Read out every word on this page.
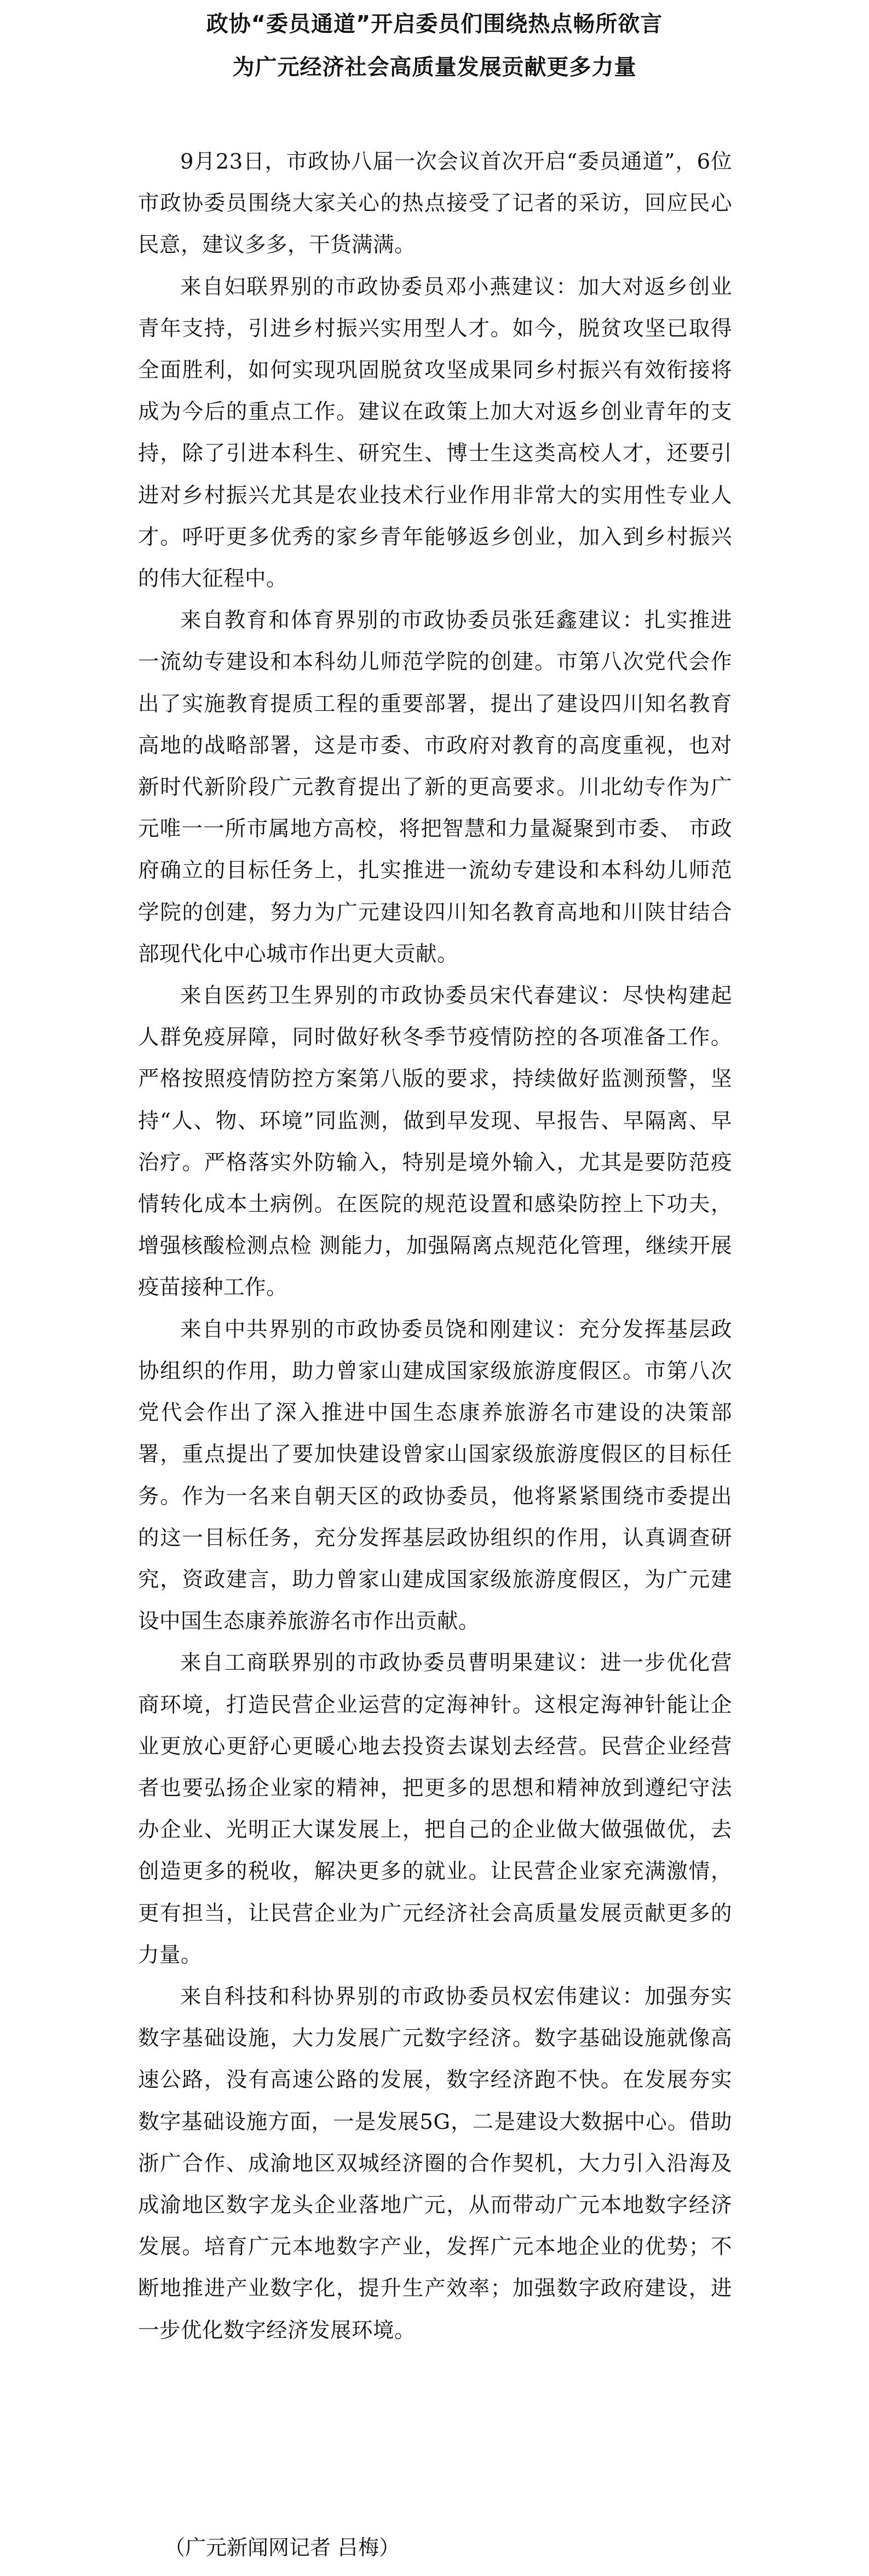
政协“委员通道”开启委员们围绕热点畅所欲言
为广元经济社会高质量发展贡献更多力量

9月23日，市政协八届一次会议首次开启“委员通道”，6位市政协委员围绕大家关心的热点接受了记者的采访，回应民心民意，建议多多，干货满满。

来自妇联界别的市政协委员邓小燕建议：加大对返乡创业青年支持，引进乡村振兴实用型人才。如今，脱贫攻坚已取得全面胜利，如何实现巩固脱贫攻坚成果同乡村振兴有效衔接将成为今后的重点工作。建议在政策上加大对返乡创业青年的支持，除了引进本科生、研究生、博士生这类高校人才，还要引进对乡村振兴尤其是农业技术行业作用非常大的实用性专业人才。呼吁更多优秀的家乡青年能够返乡创业，加入到乡村振兴的伟大征程中。

来自教育和体育界别的市政协委员张廷鑫建议：扎实推进一流幼专建设和本科幼儿师范学院的创建。市第八次党代会作出了实施教育提质工程的重要部署，提出了建设四川知名教育高地的战略部署，这是市委、市政府对教育的高度重视，也对新时代新阶段广元教育提出了新的更高要求。川北幼专作为广元唯一一所市属地方高校，将把智慧和力量凝聚到市委、 市政府确立的目标任务上，扎实推进一流幼专建设和本科幼儿师范学院的创建，努力为广元建设四川知名教育高地和川陕甘结合部现代化中心城市作出更大贡献。

来自医药卫生界别的市政协委员宋代春建议：尽快构建起人群免疫屏障，同时做好秋冬季节疫情防控的各项准备工作。严格按照疫情防控方案第八版的要求，持续做好监测预警，坚持“人、物、环境”同监测，做到早发现、早报告、早隔离、早治疗。严格落实外防输入，特别是境外输入，尤其是要防范疫情转化成本土病例。在医院的规范设置和感染防控上下功夫，增强核酸检测点检 测能力，加强隔离点规范化管理，继续开展疫苗接种工作。

来自中共界别的市政协委员饶和刚建议：充分发挥基层政协组织的作用，助力曾家山建成国家级旅游度假区。市第八次党代会作出了深入推进中国生态康养旅游名市建设的决策部署，重点提出了要加快建设曾家山国家级旅游度假区的目标任务。作为一名来自朝天区的政协委员，他将紧紧围绕市委提出的这一目标任务，充分发挥基层政协组织的作用，认真调查研究，资政建言，助力曾家山建成国家级旅游度假区，为广元建设中国生态康养旅游名市作出贡献。

来自工商联界别的市政协委员曹明果建议：进一步优化营商环境，打造民营企业运营的定海神针。这根定海神针能让企业更放心更舒心更暖心地去投资去谋划去经营。民营企业经营者也要弘扬企业家的精神，把更多的思想和精神放到遵纪守法办企业、光明正大谋发展上，把自己的企业做大做强做优，去创造更多的税收，解决更多的就业。让民营企业家充满激情，更有担当，让民营企业为广元经济社会高质量发展贡献更多的力量。

来自科技和科协界别的市政协委员权宏伟建议：加强夯实数字基础设施，大力发展广元数字经济。数字基础设施就像高速公路，没有高速公路的发展，数字经济跑不快。在发展夯实数字基础设施方面，一是发展5G，二是建设大数据中心。借助浙广合作、成渝地区双城经济圈的合作契机，大力引入沿海及成渝地区数字龙头企业落地广元，从而带动广元本地数字经济发展。培育广元本地数字产业，发挥广元本地企业的优势；不断地推进产业数字化，提升生产效率；加强数字政府建设，进一步优化数字经济发展环境。

（广元新闻网记者 吕梅）
